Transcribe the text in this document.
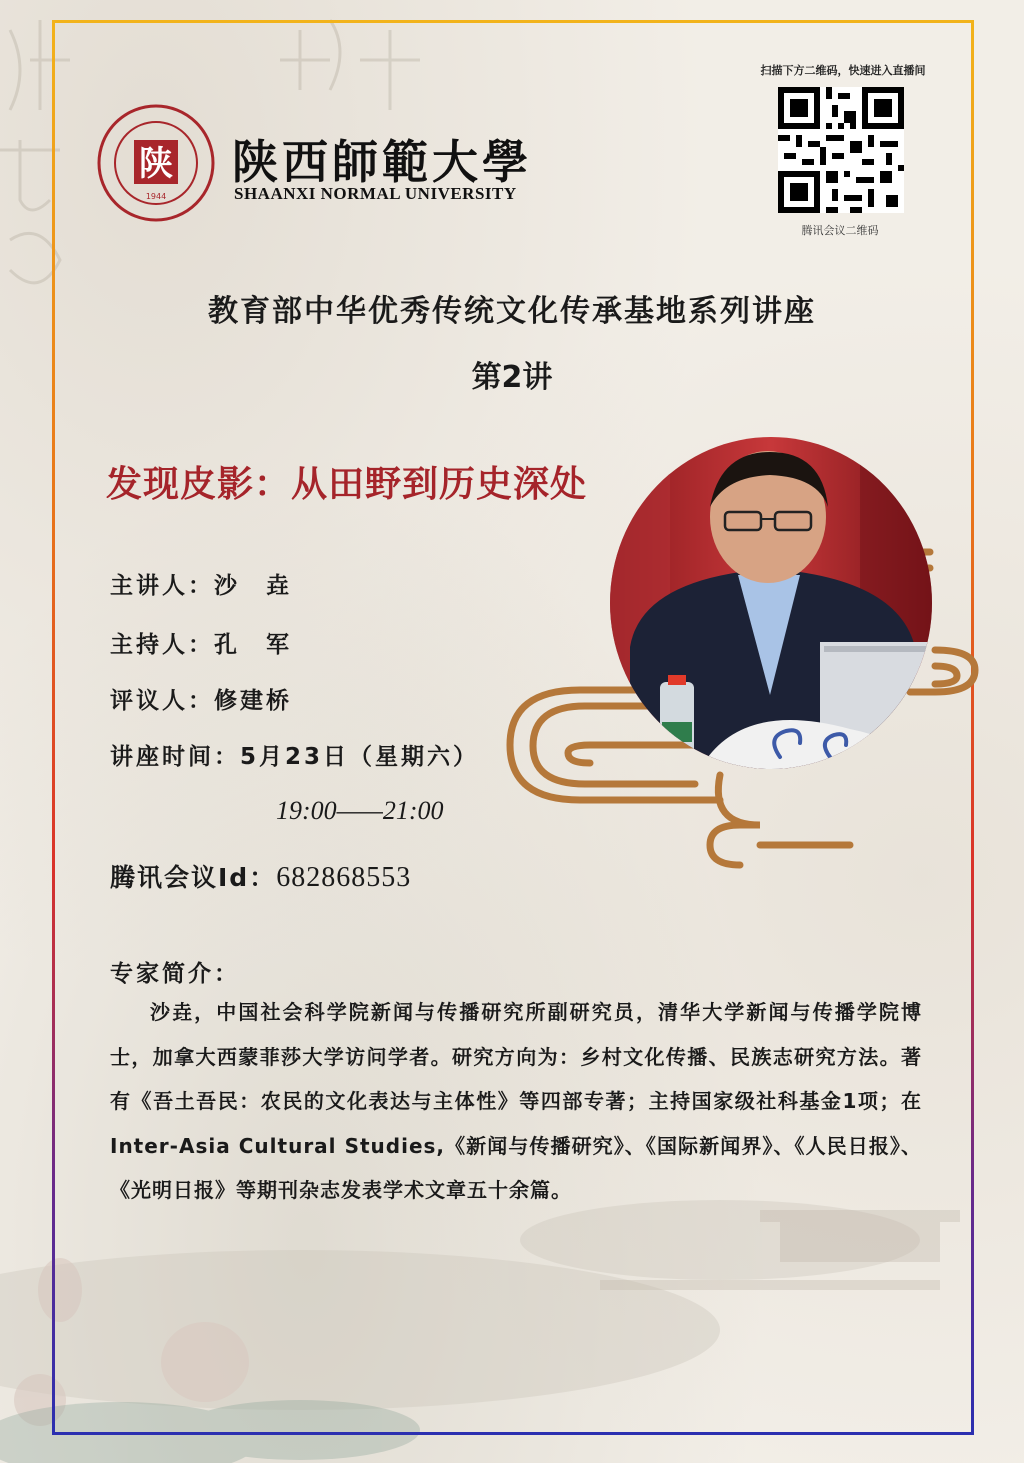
陕
1944
陕西師範大學
SHAANXI NORMAL UNIVERSITY
扫描下方二维码，快速进入直播间
腾讯会议二维码
教育部中华优秀传统文化传承基地系列讲座
第2讲
发现皮影：从田野到历史深处
主讲人：沙　垚
主持人：孔　军
评议人：修建桥
讲座时间：5月23日（星期六）
19:00——21:00
腾讯会议Id：682868553
专家简介：
沙垚，中国社会科学院新闻与传播研究所副研究员，清华大学新闻与传播学院博士，加拿大西蒙菲莎大学访问学者。研究方向为：乡村文化传播、民族志研究方法。著有《吾土吾民：农民的文化表达与主体性》等四部专著；主持国家级社科基金1项；在Inter-Asia Cultural Studies,《新闻与传播研究》、《国际新闻界》、《人民日报》、《光明日报》等期刊杂志发表学术文章五十余篇。
